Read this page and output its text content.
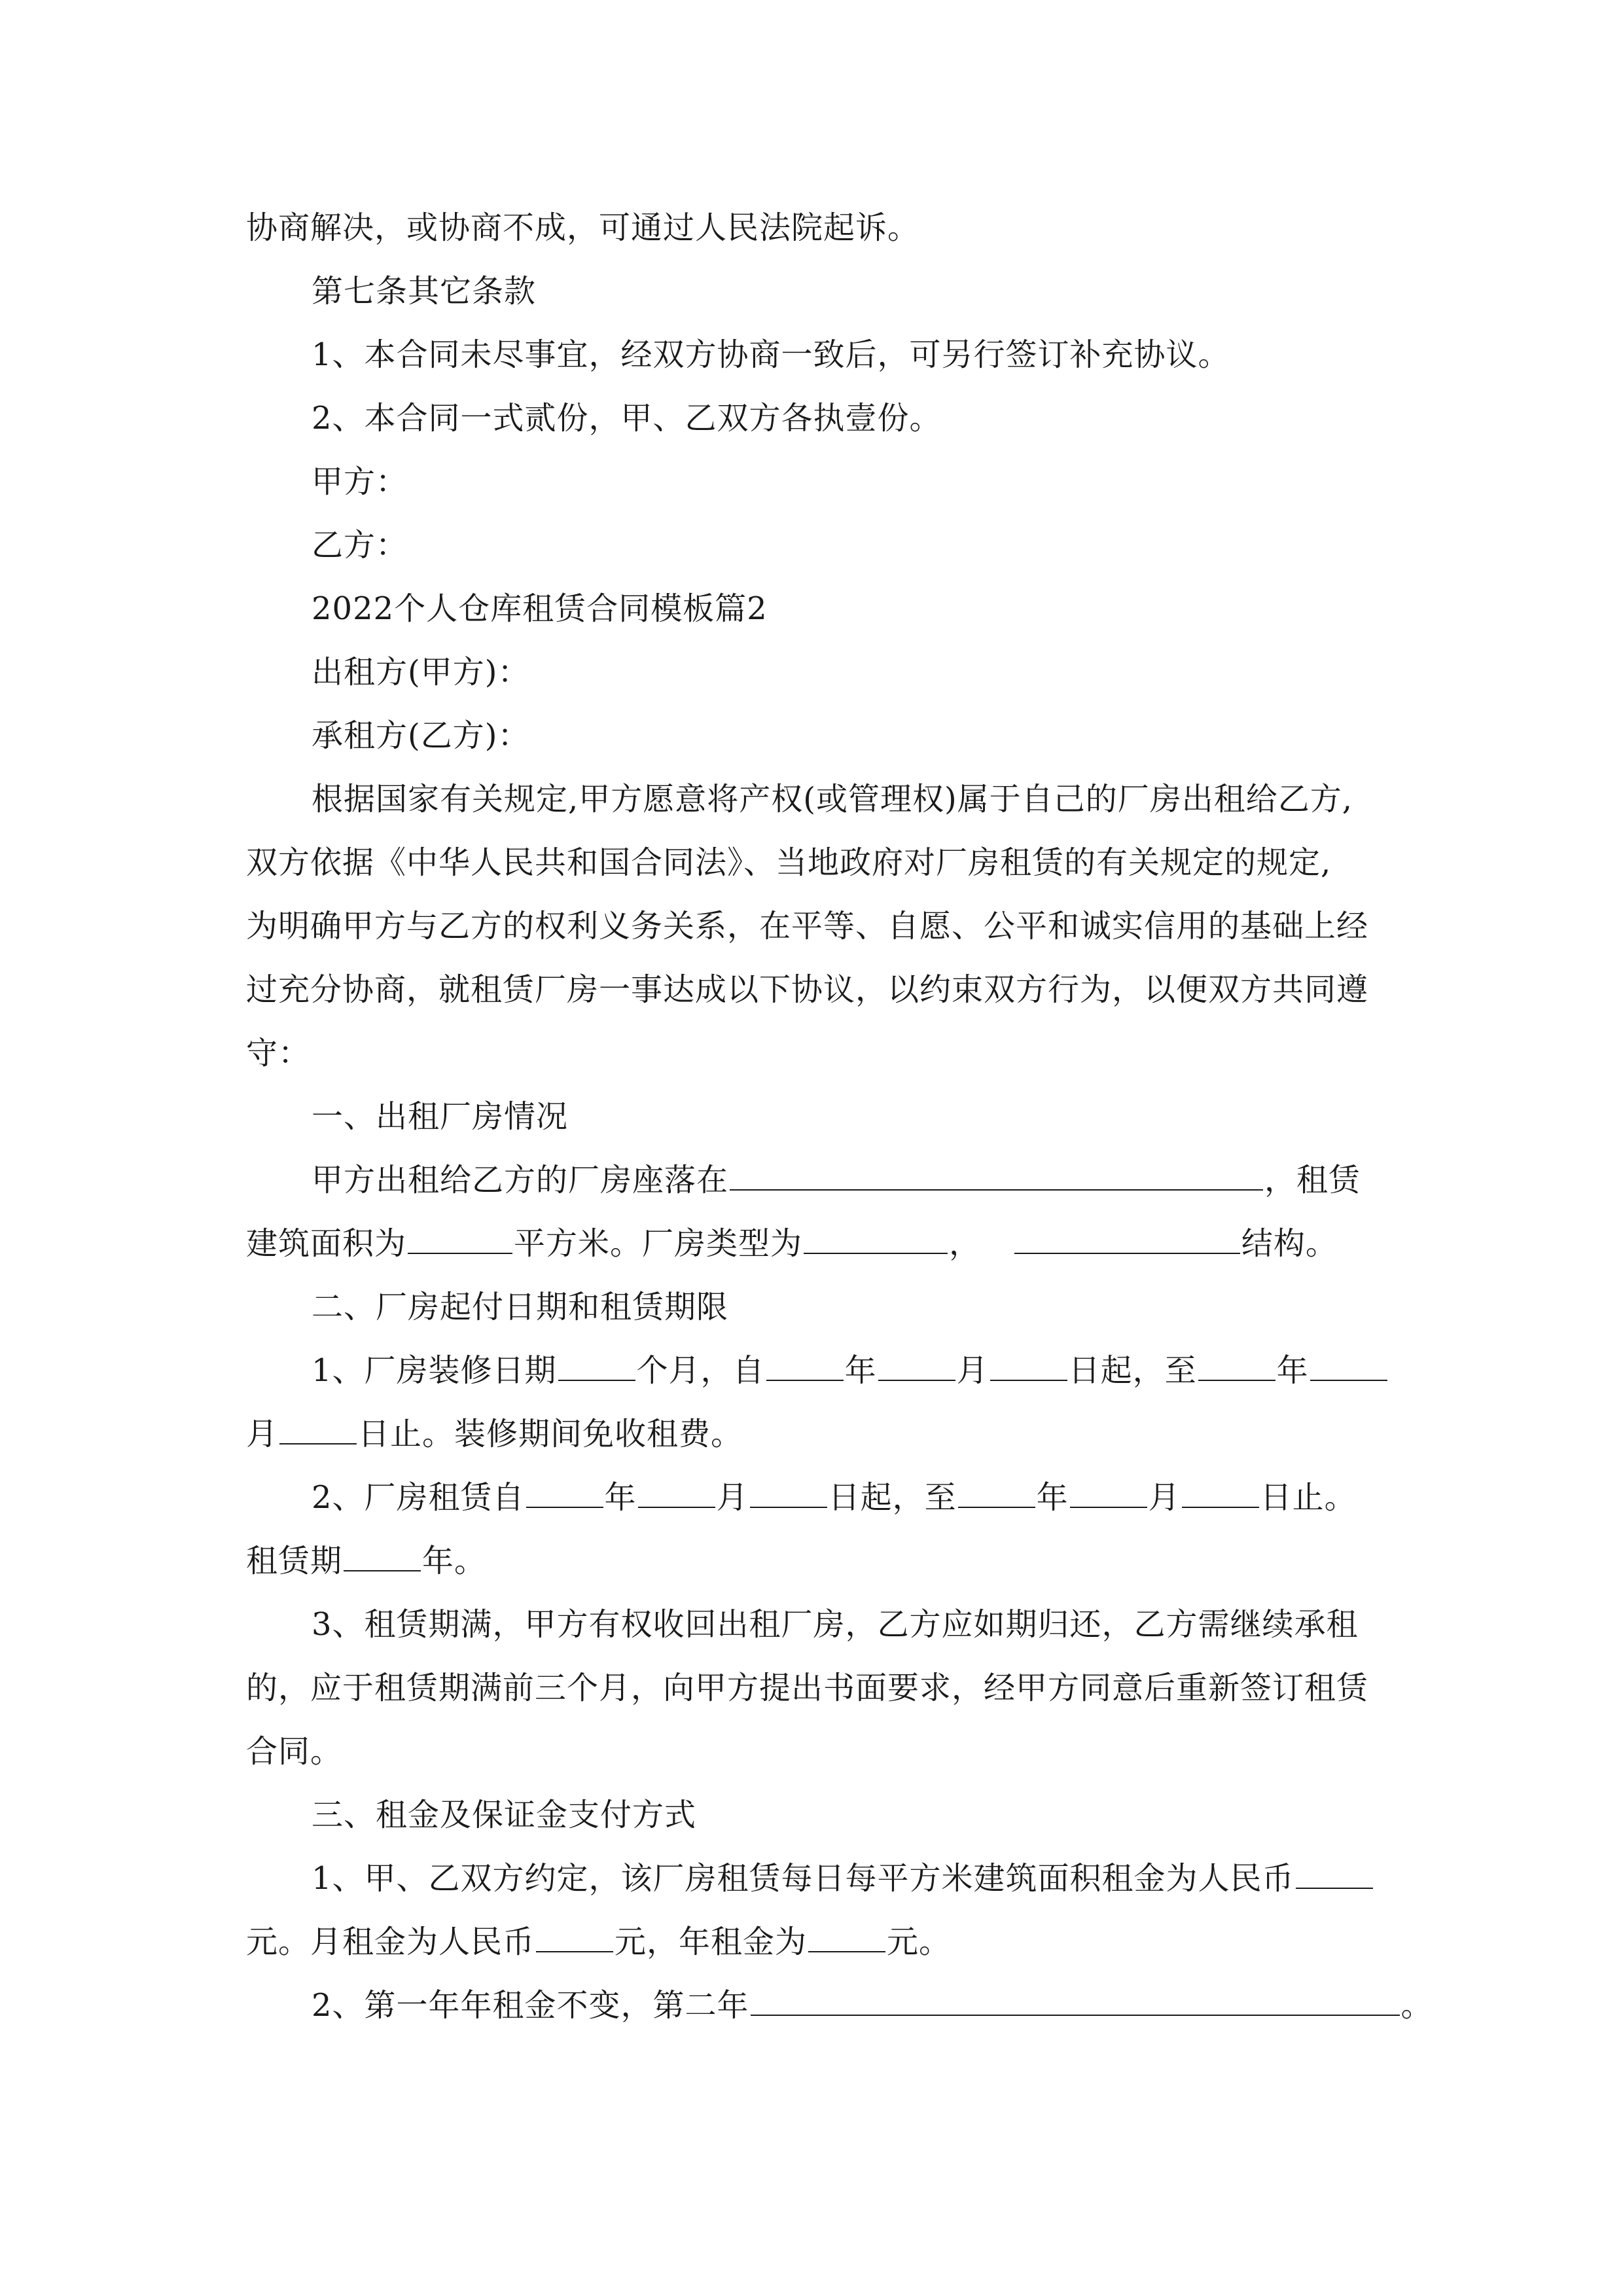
协商解决，或协商不成，可通过人民法院起诉。
第七条其它条款
1、本合同未尽事宜，经双方协商一致后，可另行签订补充协议。
2、本合同一式贰份，甲、乙双方各执壹份。
甲方：
乙方：
2022个人仓库租赁合同模板篇2
出租方(甲方)：
承租方(乙方)：
根据国家有关规定,甲方愿意将产权(或管理权)属于自己的厂房出租给乙方,
双方依据《中华人民共和国合同法》、当地政府对厂房租赁的有关规定的规定,
为明确甲方与乙方的权利义务关系，在平等、自愿、公平和诚实信用的基础上经
过充分协商，就租赁厂房一事达成以下协议，以约束双方行为，以便双方共同遵
守：
一、出租厂房情况
甲方出租给乙方的厂房座落在	，租赁
建筑面积为	平方米。厂房类型为	，	结构。
二、厂房起付日期和租赁期限
1、厂房装修日期	个月，自	年	月	日起，至	年
月	日止。装修期间免收租费。
2、厂房租赁自	年	月	日起，至	年	月	日止。
租赁期	年。
3、租赁期满，甲方有权收回出租厂房，乙方应如期归还，乙方需继续承租
的，应于租赁期满前三个月，向甲方提出书面要求，经甲方同意后重新签订租赁
合同。
三、租金及保证金支付方式
1、甲、乙双方约定，该厂房租赁每日每平方米建筑面积租金为人民币
元。月租金为人民币	元，年租金为	元。
2、第一年年租金不变，第二年	。
